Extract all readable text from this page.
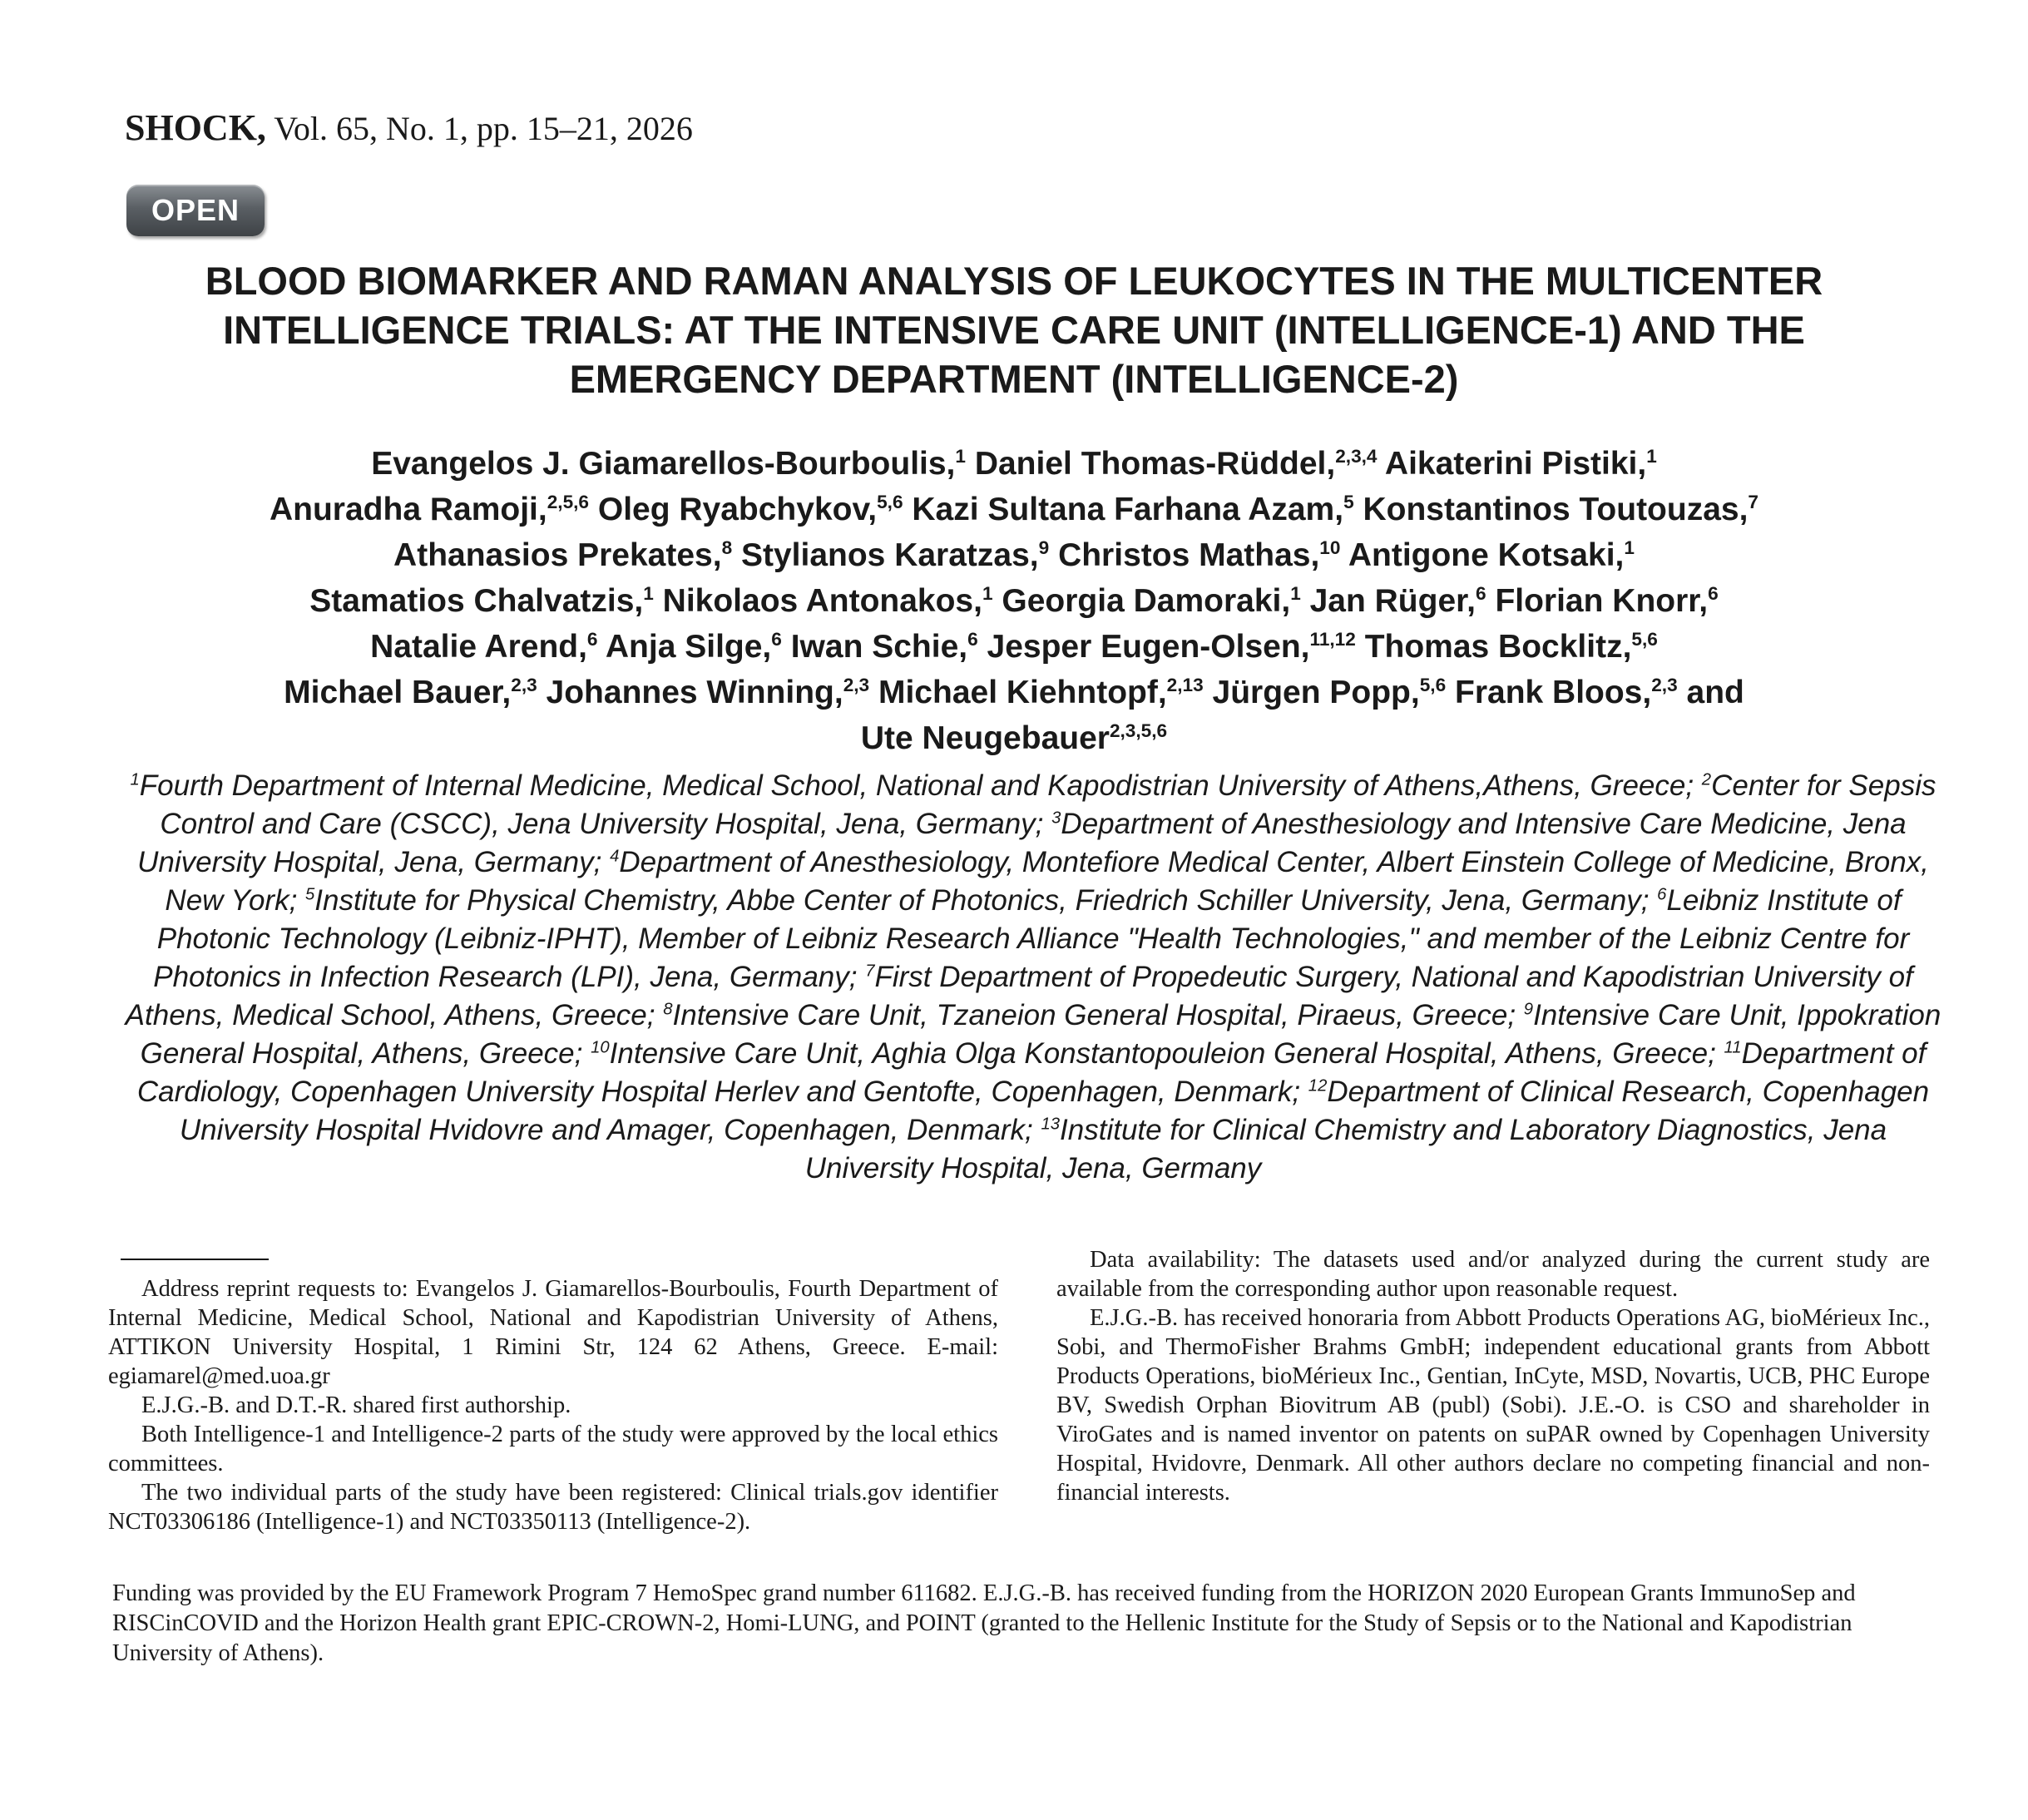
SHOCK, Vol. 65, No. 1, pp. 15–21, 2026
OPEN
BLOOD BIOMARKER AND RAMAN ANALYSIS OF LEUKOCYTES IN THE MULTICENTER INTELLIGENCE TRIALS: AT THE INTENSIVE CARE UNIT (INTELLIGENCE-1) AND THE EMERGENCY DEPARTMENT (INTELLIGENCE-2)

Evangelos J. Giamarellos-Bourboulis,$^1$ Daniel Thomas-Rüddel,$^{2,3,4}$ Aikaterini Pistiki,$^1$
Anuradha Ramoji,$^{2,5,6}$ Oleg Ryabchykov,$^{5,6}$ Kazi Sultana Farhana Azam,$^5$ Konstantinos Toutouzas,$^7$
Athanasios Prekates,$^8$ Stylianos Karatzas,$^9$ Christos Mathas,$^{10}$ Antigone Kotsaki,$^1$
Stamatios Chalvatzis,$^1$ Nikolaos Antonakos,$^1$ Georgia Damoraki,$^1$ Jan Rüger,$^6$ Florian Knorr,$^6$
Natalie Arend,$^6$ Anja Silge,$^6$ Iwan Schie,$^6$ Jesper Eugen-Olsen,$^{11,12}$ Thomas Bocklitz,$^{5,6}$
Michael Bauer,$^{2,3}$ Johannes Winning,$^{2,3}$ Michael Kiehntopf,$^{2,13}$ Jürgen Popp,$^{5,6}$ Frank Bloos,$^{2,3}$ and
Ute Neugebauer$^{2,3,5,6}$

$^1$Fourth Department of Internal Medicine, Medical School, National and Kapodistrian University of Athens,Athens, Greece; $^2$Center for Sepsis Control and Care (CSCC), Jena University Hospital, Jena, Germany; $^3$Department of Anesthesiology and Intensive Care Medicine, Jena University Hospital, Jena, Germany; $^4$Department of Anesthesiology, Montefiore Medical Center, Albert Einstein College of Medicine, Bronx, New York; $^5$Institute for Physical Chemistry, Abbe Center of Photonics, Friedrich Schiller University, Jena, Germany; $^6$Leibniz Institute of Photonic Technology (Leibniz-IPHT), Member of Leibniz Research Alliance "Health Technologies," and member of the Leibniz Centre for Photonics in Infection Research (LPI), Jena, Germany; $^7$First Department of Propedeutic Surgery, National and Kapodistrian University of Athens, Medical School, Athens, Greece; $^8$Intensive Care Unit, Tzaneion General Hospital, Piraeus, Greece; $^9$Intensive Care Unit, Ippokration General Hospital, Athens, Greece; $^{10}$Intensive Care Unit, Aghia Olga Konstantopouleion General Hospital, Athens, Greece; $^{11}$Department of Cardiology, Copenhagen University Hospital Herlev and Gentofte, Copenhagen, Denmark; $^{12}$Department of Clinical Research, Copenhagen University Hospital Hvidovre and Amager, Copenhagen, Denmark; $^{13}$Institute for Clinical Chemistry and Laboratory Diagnostics, Jena University Hospital, Jena, Germany

Address reprint requests to: Evangelos J. Giamarellos-Bourboulis, Fourth Department of Internal Medicine, Medical School, National and Kapodistrian University of Athens, ATTIKON University Hospital, 1 Rimini Str, 124 62 Athens, Greece. E-mail: egiamarel@med.uoa.gr

E.J.G.-B. and D.T.-R. shared first authorship.

Both Intelligence-1 and Intelligence-2 parts of the study were approved by the local ethics committees.

The two individual parts of the study have been registered: Clinical trials.gov identifier NCT03306186 (Intelligence-1) and NCT03350113 (Intelligence-2).

Data availability: The datasets used and/or analyzed during the current study are available from the corresponding author upon reasonable request.

E.J.G.-B. has received honoraria from Abbott Products Operations AG, bioMérieux Inc., Sobi, and ThermoFisher Brahms GmbH; independent educational grants from Abbott Products Operations, bioMérieux Inc., Gentian, InCyte, MSD, Novartis, UCB, PHC Europe BV, Swedish Orphan Biovitrum AB (publ) (Sobi). J.E.-O. is CSO and shareholder in ViroGates and is named inventor on patents on suPAR owned by Copenhagen University Hospital, Hvidovre, Denmark. All other authors declare no competing financial and non-financial interests.

Funding was provided by the EU Framework Program 7 HemoSpec grand number 611682. E.J.G.-B. has received funding from the HORIZON 2020 European Grants ImmunoSep and RISCinCOVID and the Horizon Health grant EPIC-CROWN-2, Homi-LUNG, and POINT (granted to the Hellenic Institute for the Study of Sepsis or to the National and Kapodistrian University of Athens).
